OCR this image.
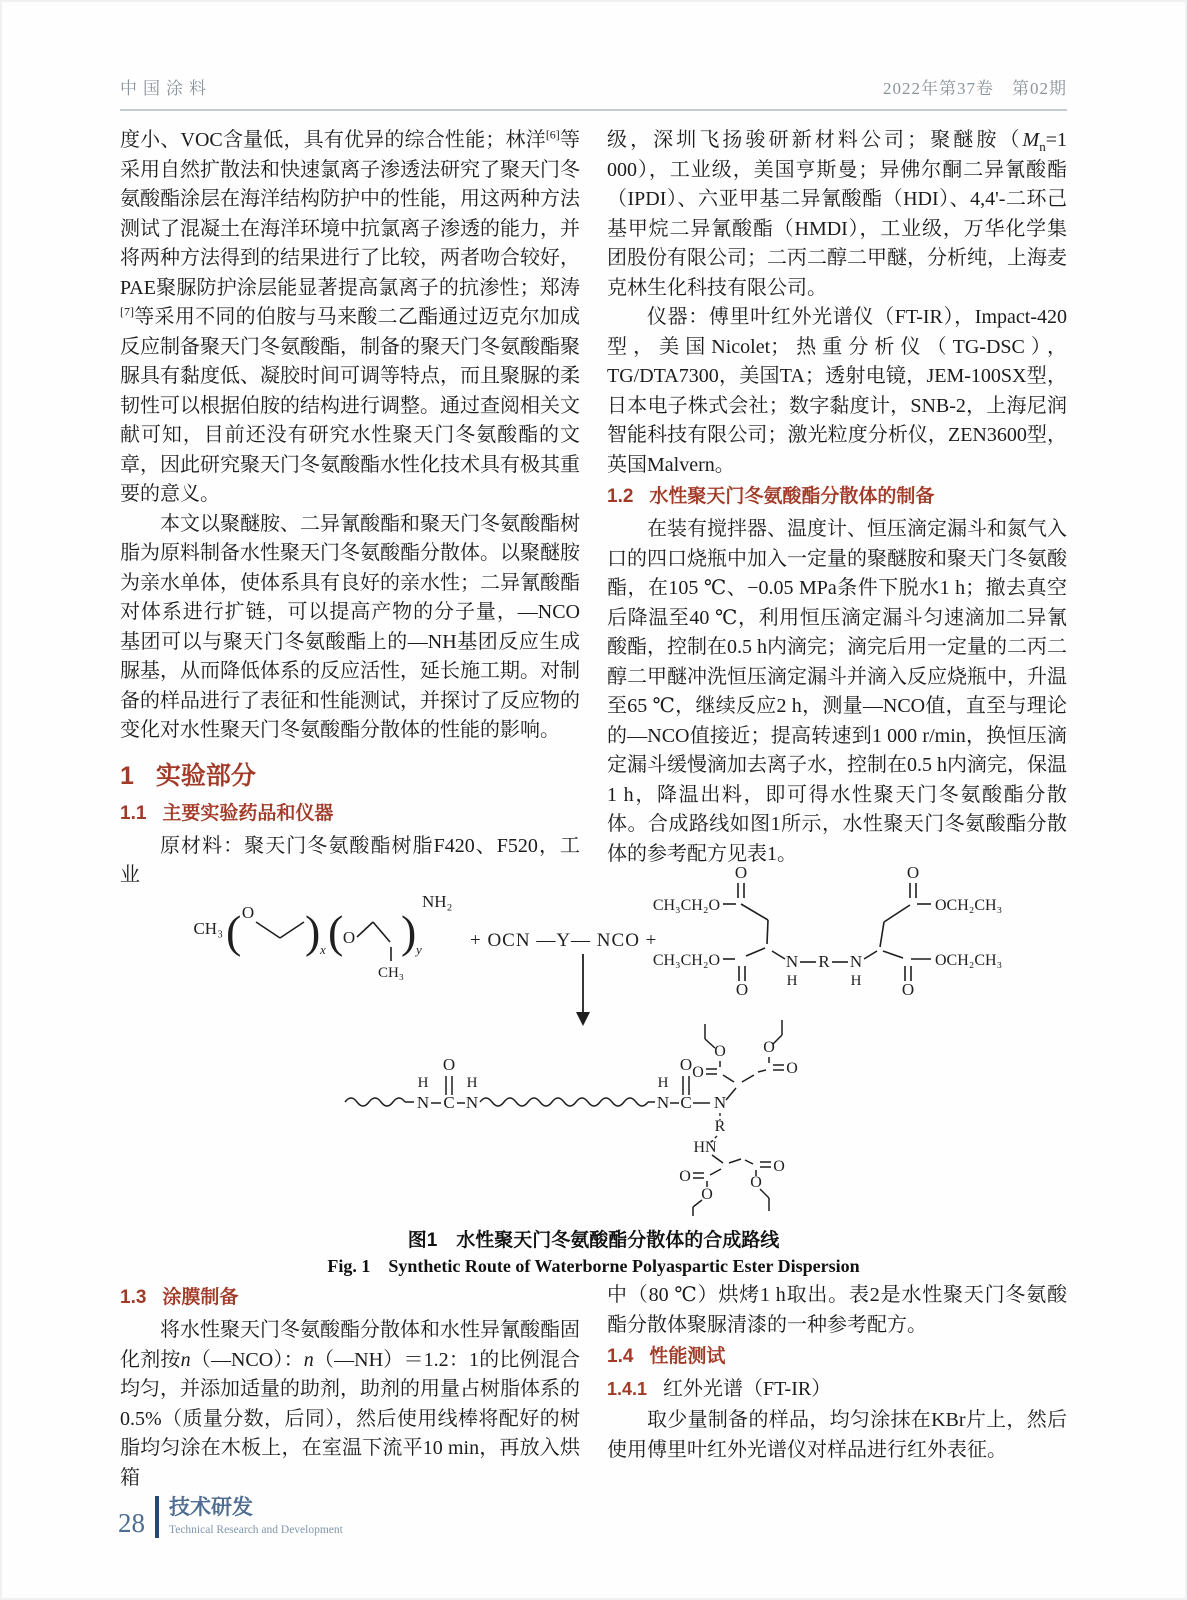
中国涂料	2022年第37卷　第02期

度小、VOC含量低，具有优异的综合性能；林洋[6]等采用自然扩散法和快速氯离子渗透法研究了聚天门冬氨酸酯涂层在海洋结构防护中的性能，用这两种方法测试了混凝土在海洋环境中抗氯离子渗透的能力，并将两种方法得到的结果进行了比较，两者吻合较好，PAE聚脲防护涂层能显著提高氯离子的抗渗性；郑涛[7]等采用不同的伯胺与马来酸二乙酯通过迈克尔加成反应制备聚天门冬氨酸酯，制备的聚天门冬氨酸酯聚脲具有黏度低、凝胶时间可调等特点，而且聚脲的柔韧性可以根据伯胺的结构进行调整。通过查阅相关文献可知，目前还没有研究水性聚天门冬氨酸酯的文章，因此研究聚天门冬氨酸酯水性化技术具有极其重要的意义。

本文以聚醚胺、二异氰酸酯和聚天门冬氨酸酯树脂为原料制备水性聚天门冬氨酸酯分散体。以聚醚胺为亲水单体，使体系具有良好的亲水性；二异氰酸酯对体系进行扩链，可以提高产物的分子量，—NCO基团可以与聚天门冬氨酸酯上的—NH基团反应生成脲基，从而降低体系的反应活性，延长施工期。对制备的样品进行了表征和性能测试，并探讨了反应物的变化对水性聚天门冬氨酸酯分散体的性能的影响。

1 实验部分
1.1 主要实验药品和仪器

原材料：聚天门冬氨酸酯树脂F420、F520，工业

级，深圳飞扬骏研新材料公司；聚醚胺（$M_n=1$ 000），工业级，美国亨斯曼；异佛尔酮二异氰酸酯（IPDI）、六亚甲基二异氰酸酯（HDI）、4,4'-二环己基甲烷二异氰酸酯（HMDI），工业级，万华化学集团股份有限公司；二丙二醇二甲醚，分析纯，上海麦克林生化科技有限公司。

仪器：傅里叶红外光谱仪（FT-IR），Impact-420型，美国Nicolet；热重分析仪（TG-DSC），TG/DTA7300，美国TA；透射电镜，JEM-100SX型，日本电子株式会社；数字黏度计，SNB-2，上海尼润智能科技有限公司；激光粒度分析仪，ZEN3600型，英国Malvern。

1.2 水性聚天门冬氨酸酯分散体的制备

在装有搅拌器、温度计、恒压滴定漏斗和氮气入口的四口烧瓶中加入一定量的聚醚胺和聚天门冬氨酸酯，在105 ℃、−0.05 MPa条件下脱水1 h；撤去真空后降温至40 ℃，利用恒压滴定漏斗匀速滴加二异氰酸酯，控制在0.5 h内滴完；滴完后用一定量的二丙二醇二甲醚冲洗恒压滴定漏斗并滴入反应烧瓶中，升温至65 ℃，继续反应2 h，测量—NCO值，直至与理论的—NCO值接近；提高转速到1 000 r/min，换恒压滴定漏斗缓慢滴加去离子水，控制在0.5 h内滴完，保温1 h，降温出料，即可得水性聚天门冬氨酸酯分散体。合成路线如图1所示，水性聚天门冬氨酸酯分散体的参考配方见表1。

CH₃ ( O ) x ( O
CH₃
) y
NH₂
+ OCN —Y— NCO +
O	O
O	O
CH₃CH₂O
CH₃CH₂O
OCH₂CH₃
OCH₂CH₃
N
H
R N
H
H
N C
O
H
N
H
N C
O
N
R
HN
O
O
O
O
O
O
O
O
图1　水性聚天门冬氨酸酯分散体的合成路线
Fig. 1　Synthetic Route of Waterborne Polyaspartic Ester Dispersion
1.3 涂膜制备

将水性聚天门冬氨酸酯分散体和水性异氰酸酯固化剂按n（—NCO）：n（—NH）＝1.2：1的比例混合均匀，并添加适量的助剂，助剂的用量占树脂体系的0.5%（质量分数，后同），然后使用线棒将配好的树脂均匀涂在木板上，在室温下流平10 min，再放入烘箱

中（80 ℃）烘烤1 h取出。表2是水性聚天门冬氨酸酯分散体聚脲清漆的一种参考配方。

1.4 性能测试
1.4.1 红外光谱（FT-IR）

取少量制备的样品，均匀涂抹在KBr片上，然后使用傅里叶红外光谱仪对样品进行红外表征。

28
技术研发
Technical Research and Development
